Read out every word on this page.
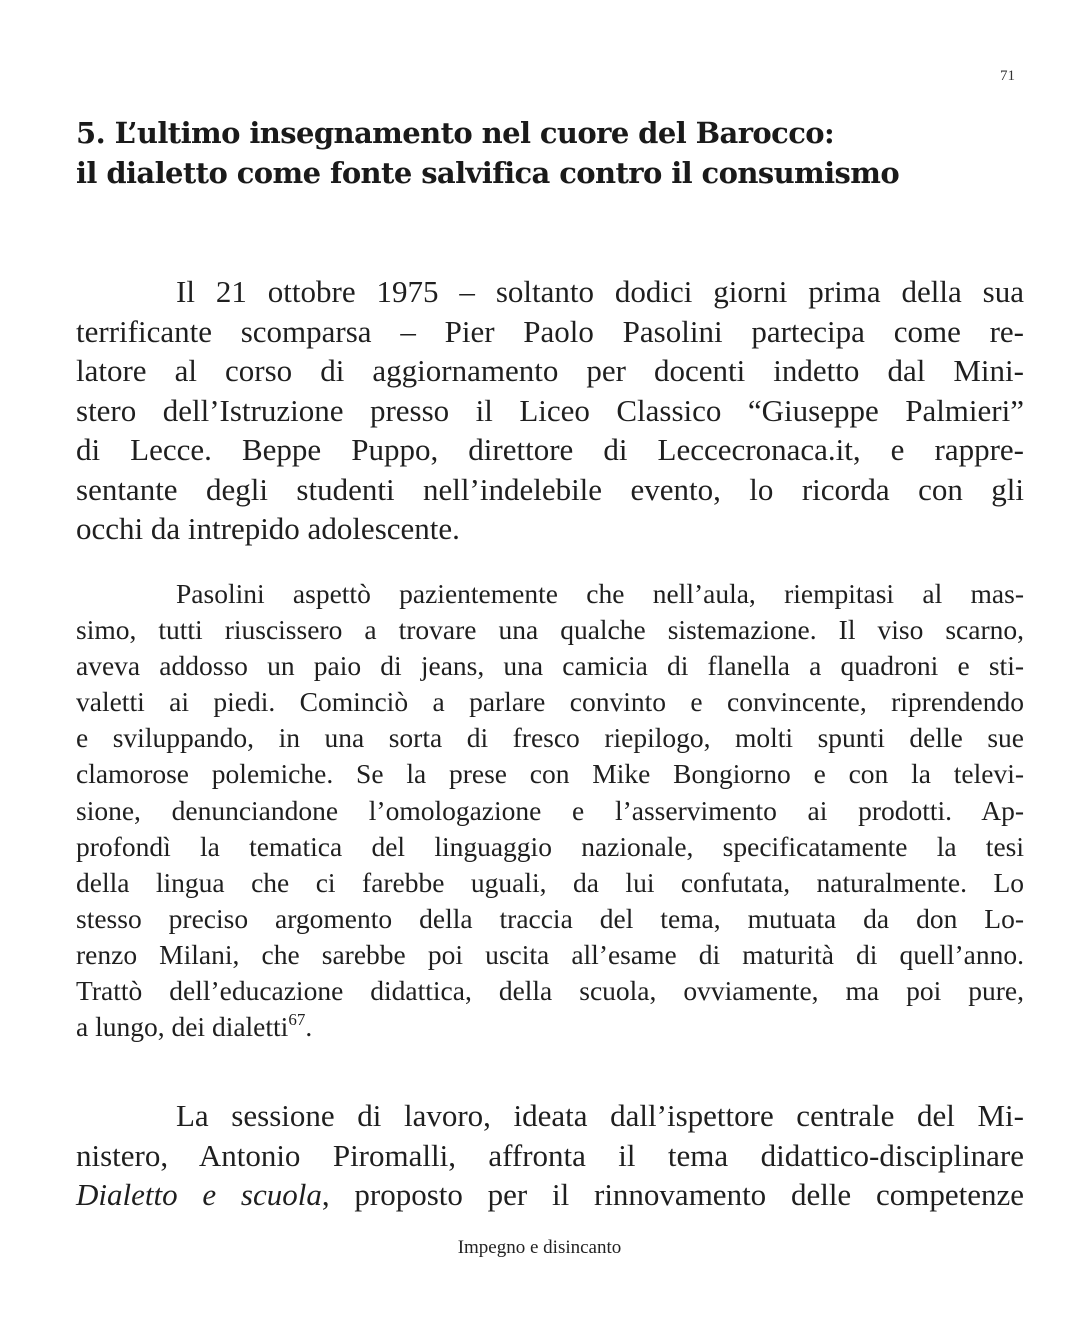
71
5. L’ultimo insegnamento nel cuore del Barocco:
il dialetto come fonte salvifica contro il consumismo
Il 21 ottobre 1975 – soltanto dodici giorni prima della sua
terrificante scomparsa – Pier Paolo Pasolini partecipa come re-
latore al corso di aggiornamento per docenti indetto dal Mini-
stero dell’Istruzione presso il Liceo Classico “Giuseppe Palmieri”
di Lecce. Beppe Puppo, direttore di Leccecronaca.it, e rappre-
sentante degli studenti nell’indelebile evento, lo ricorda con gli
occhi da intrepido adolescente.
Pasolini aspettò pazientemente che nell’aula, riempitasi al mas-
simo, tutti riuscissero a trovare una qualche sistemazione. Il viso scarno,
aveva addosso un paio di jeans, una camicia di flanella a quadroni e sti-
valetti ai piedi. Cominciò a parlare convinto e convincente, riprendendo
e sviluppando, in una sorta di fresco riepilogo, molti spunti delle sue
clamorose polemiche. Se la prese con Mike Bongiorno e con la televi-
sione, denunciandone l’omologazione e l’asservimento ai prodotti. Ap-
profondì la tematica del linguaggio nazionale, specificatamente la tesi
della lingua che ci farebbe uguali, da lui confutata, naturalmente. Lo
stesso preciso argomento della traccia del tema, mutuata da don Lo-
renzo Milani, che sarebbe poi uscita all’esame di maturità di quell’anno.
Trattò dell’educazione didattica, della scuola, ovviamente, ma poi pure,
a lungo, dei dialetti$^{67}$.
La sessione di lavoro, ideata dall’ispettore centrale del Mi-
nistero, Antonio Piromalli, affronta il tema didattico-disciplinare
Dialetto e scuola, proposto per il rinnovamento delle competenze
Impegno e disincanto
